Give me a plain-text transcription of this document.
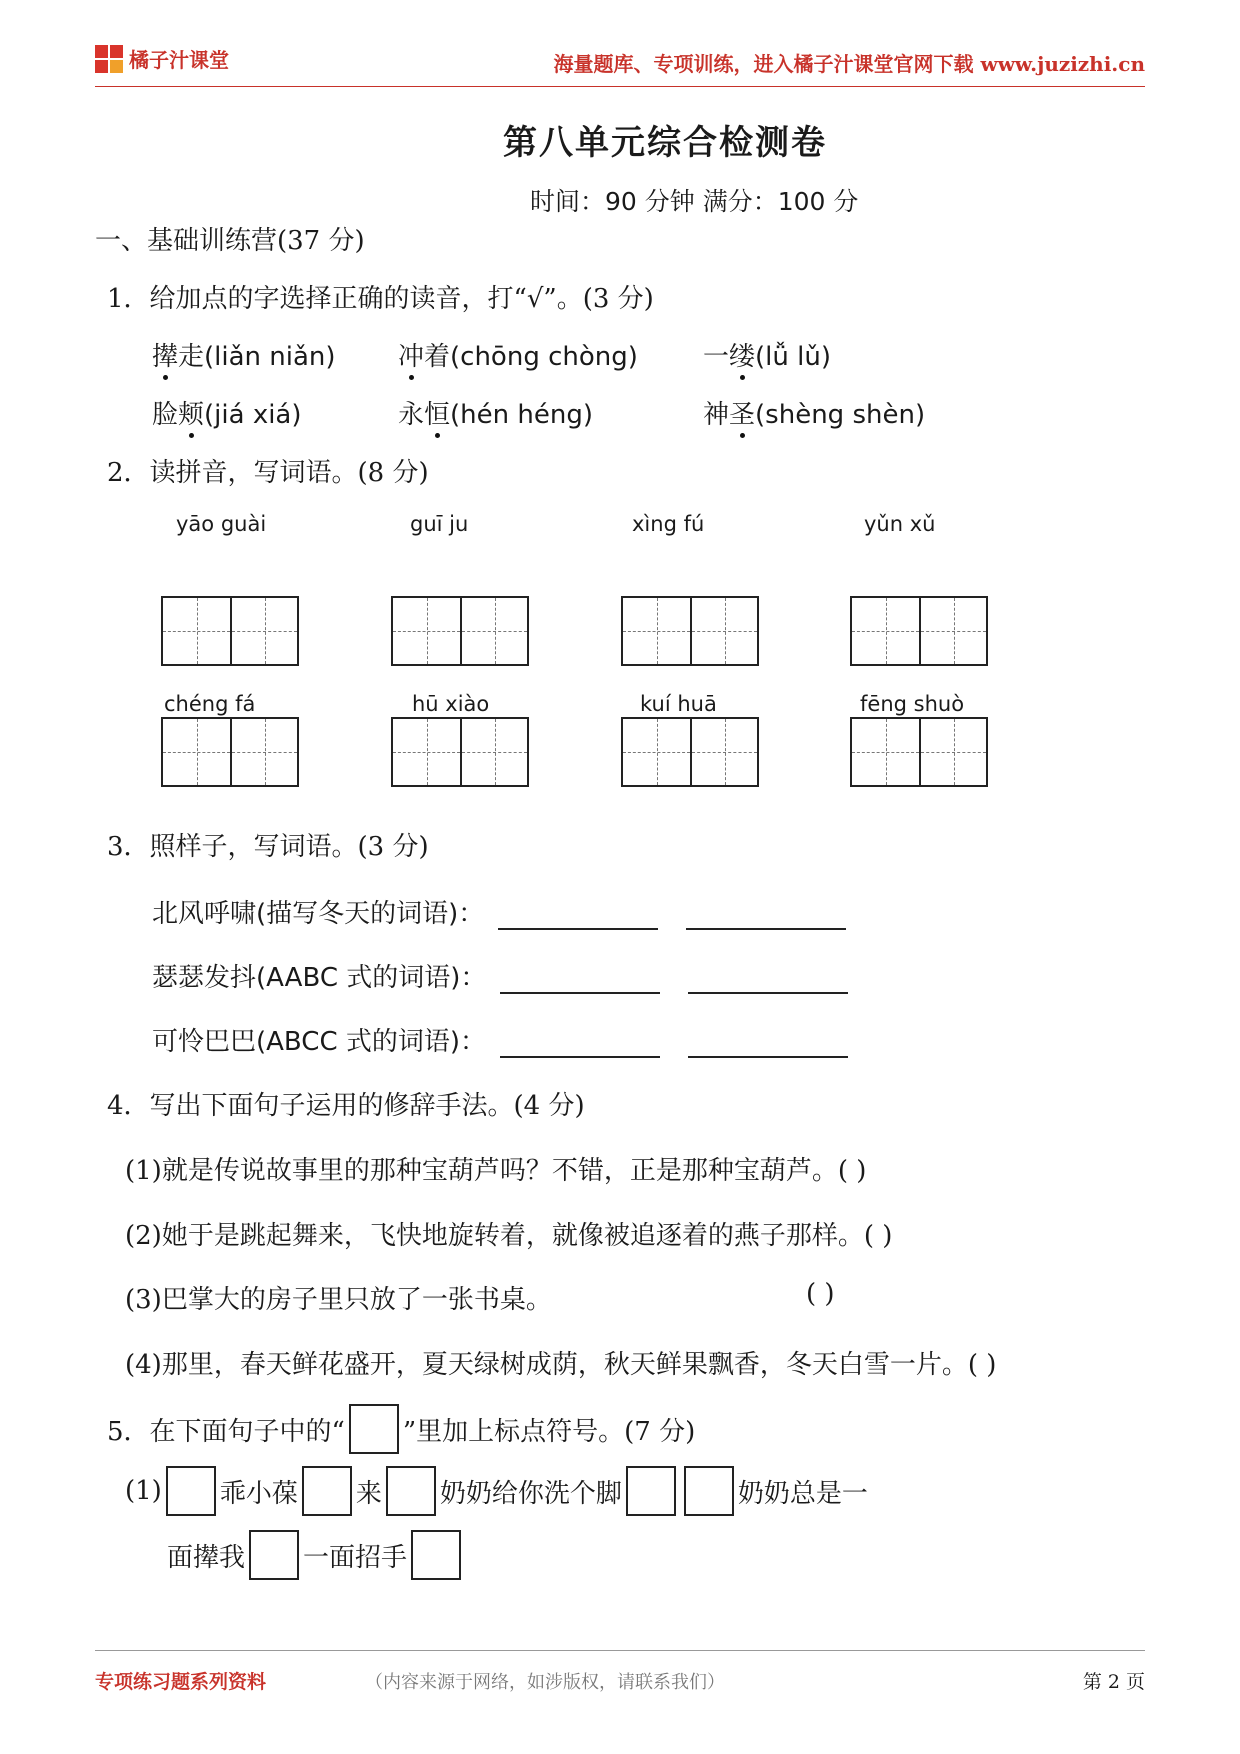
橘子汁课堂	海量题库、专项训练，进入橘子汁课堂官网下载 www.juzizhi.cn
第八单元综合检测卷
时间：90 分钟 满分：100 分
一、基础训练营(37 分)
1．给加点的字选择正确的读音，打“√”。(3 分)
撵走(liǎn niǎn) 冲着(chōng chòng)	一缕(lǚ lǔ)
脸颊(jiá xiá)	永恒(hén héng)	神圣(shèng shèn)
2．读拼音，写词语。(8 分)
yāo guài	guī ju	xìng fú	yǔn xǔ
chéng fá	hū xiào	kuí huā	fēng shuò
3．照样子，写词语。(3 分)
北风呼啸(描写冬天的词语)：
瑟瑟发抖(AABC 式的词语)：
可怜巴巴(ABCC 式的词语)：
4．写出下面句子运用的修辞手法。(4 分)
(1)就是传说故事里的那种宝葫芦吗？不错，正是那种宝葫芦。( )
(2)她于是跳起舞来，飞快地旋转着，就像被追逐着的燕子那样。( )
(3)巴掌大的房子里只放了一张书桌。	( )
(4)那里，春天鲜花盛开，夏天绿树成荫，秋天鲜果飘香，冬天白雪一片。( )
5．在下面句子中的“ ”里加上标点符号。(7 分)
(1) 乖小葆 来 奶奶给你洗个脚	奶奶总是一
面撵我 一面招手
专项练习题系列资料	（内容来源于网络，如涉版权，请联系我们）	第 2 页
